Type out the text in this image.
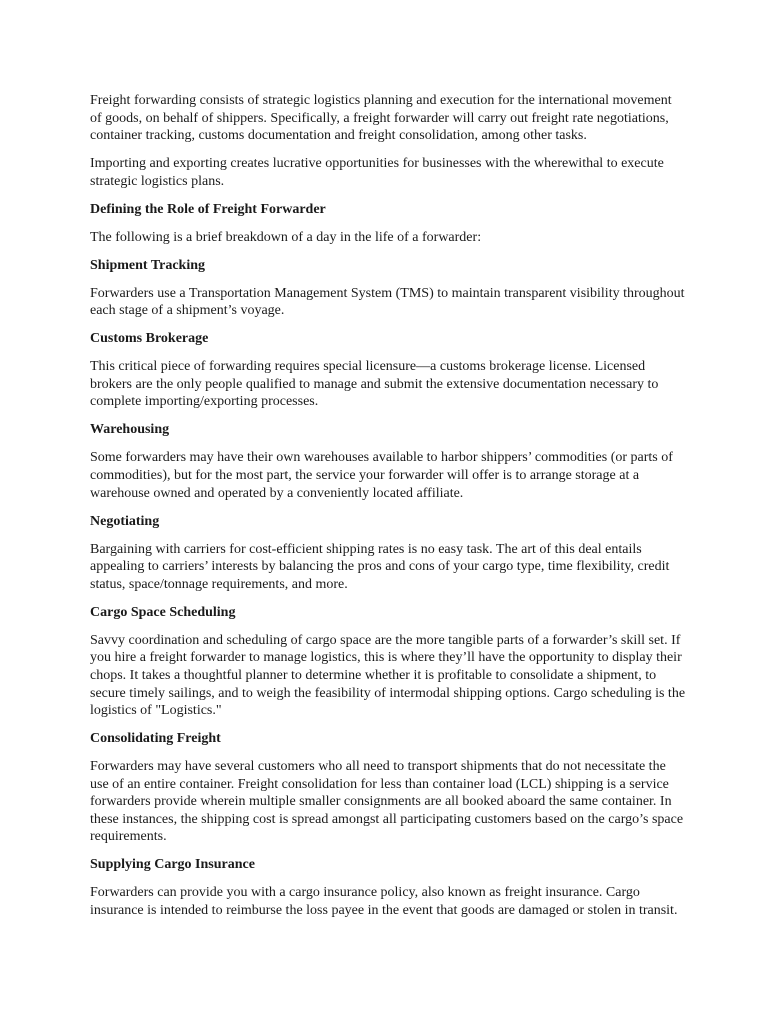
Freight forwarding consists of strategic logistics planning and execution for the international movement of goods, on behalf of shippers. Specifically, a freight forwarder will carry out freight rate negotiations, container tracking, customs documentation and freight consolidation, among other tasks.

Importing and exporting creates lucrative opportunities for businesses with the wherewithal to execute strategic logistics plans.

Defining the Role of Freight Forwarder

The following is a brief breakdown of a day in the life of a forwarder:

Shipment Tracking

Forwarders use a Transportation Management System (TMS) to maintain transparent visibility throughout each stage of a shipment’s voyage.

Customs Brokerage

This critical piece of forwarding requires special licensure—a customs brokerage license. Licensed brokers are the only people qualified to manage and submit the extensive documentation necessary to complete importing/exporting processes.

Warehousing

Some forwarders may have their own warehouses available to harbor shippers’ commodities (or parts of commodities), but for the most part, the service your forwarder will offer is to arrange storage at a warehouse owned and operated by a conveniently located affiliate.

Negotiating

Bargaining with carriers for cost-efficient shipping rates is no easy task. The art of this deal entails appealing to carriers’ interests by balancing the pros and cons of your cargo type, time flexibility, credit status, space/tonnage requirements, and more.

Cargo Space Scheduling

Savvy coordination and scheduling of cargo space are the more tangible parts of a forwarder’s skill set. If you hire a freight forwarder to manage logistics, this is where they’ll have the opportunity to display their chops. It takes a thoughtful planner to determine whether it is profitable to consolidate a shipment, to secure timely sailings, and to weigh the feasibility of intermodal shipping options. Cargo scheduling is the logistics of "Logistics."

Consolidating Freight

Forwarders may have several customers who all need to transport shipments that do not necessitate the use of an entire container. Freight consolidation for less than container load (LCL) shipping is a service forwarders provide wherein multiple smaller consignments are all booked aboard the same container. In these instances, the shipping cost is spread amongst all participating customers based on the cargo’s space requirements.

Supplying Cargo Insurance

Forwarders can provide you with a cargo insurance policy, also known as freight insurance. Cargo insurance is intended to reimburse the loss payee in the event that goods are damaged or stolen in transit.
